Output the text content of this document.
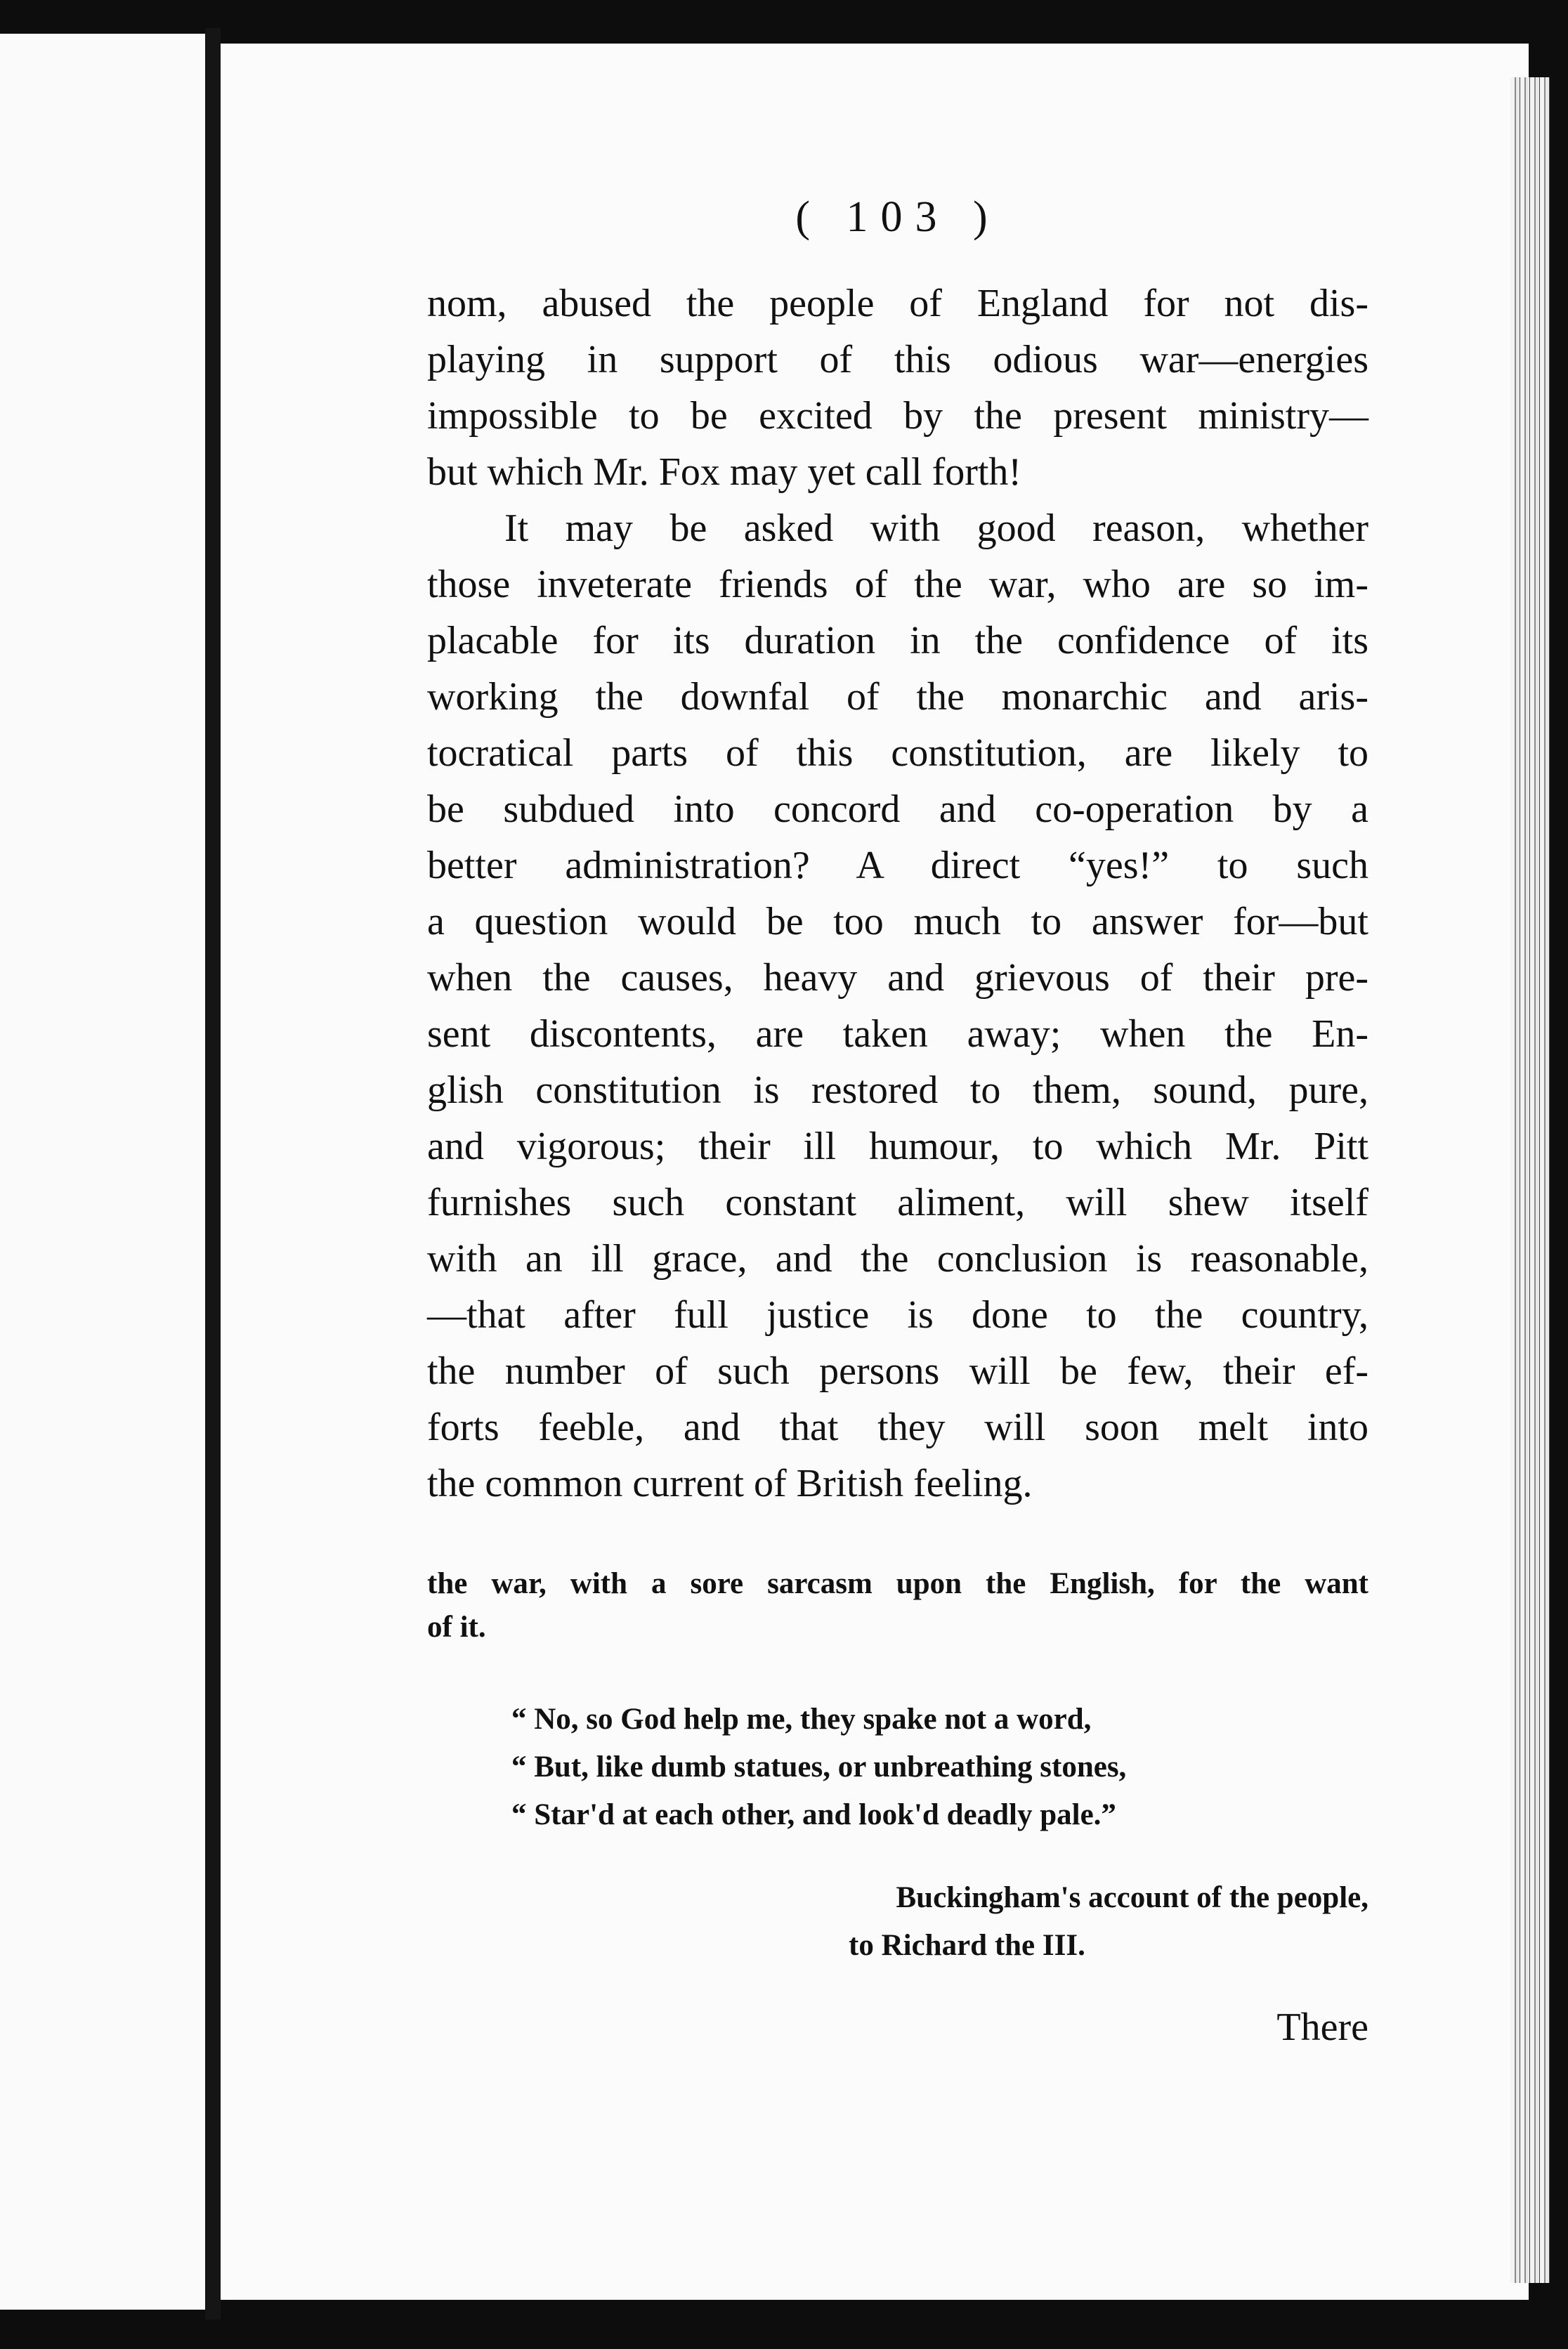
( 103 )
nom, abused the people of England for not dis-
playing in support of this odious war—energies
impossible to be excited by the present ministry—
but which Mr. Fox may yet call forth!
It may be asked with good reason, whether
those inveterate friends of the war, who are so im-
placable for its duration in the confidence of its
working the downfal of the monarchic and aris-
tocratical parts of this constitution, are likely to
be subdued into concord and co-operation by a
better administration? A direct “yes!” to such
a question would be too much to answer for—but
when the causes, heavy and grievous of their pre-
sent discontents, are taken away; when the En-
glish constitution is restored to them, sound, pure,
and vigorous; their ill humour, to which Mr. Pitt
furnishes such constant aliment, will shew itself
with an ill grace, and the conclusion is reasonable,
—that after full justice is done to the country,
the number of such persons will be few, their ef-
forts feeble, and that they will soon melt into
the common current of British feeling.
the war, with a sore sarcasm upon the English, for the want
of it.
“ No, so God help me, they spake not a word,
“ But, like dumb statues, or unbreathing stones,
“ Star'd at each other, and look'd deadly pale.”
Buckingham's account of the people,
to Richard the III.
There
